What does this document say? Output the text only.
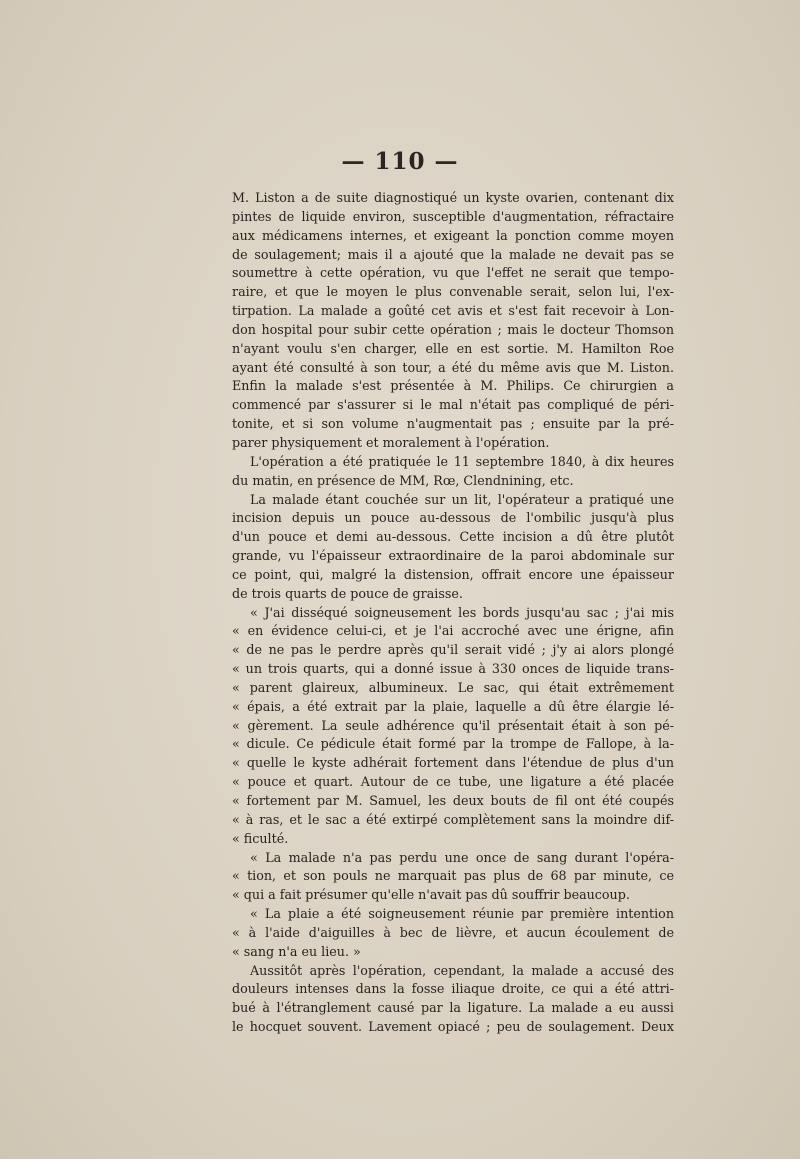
— 110 —
M. Liston a de suite diagnostiqué un kyste ovarien, contenant dix
pintes de liquide environ, susceptible d'augmentation, réfractaire
aux médicamens internes, et exigeant la ponction comme moyen
de soulagement; mais il a ajouté que la malade ne devait pas se
soumettre à cette opération, vu que l'effet ne serait que tempo-
raire, et que le moyen le plus convenable serait, selon lui, l'ex-
tirpation. La malade a goûté cet avis et s'est fait recevoir à Lon-
don hospital pour subir cette opération ; mais le docteur Thomson
n'ayant voulu s'en charger, elle en est sortie. M. Hamilton Roe
ayant été consulté à son tour, a été du même avis que M. Liston.
Enfin la malade s'est présentée à M. Philips. Ce chirurgien a
commencé par s'assurer si le mal n'était pas compliqué de péri-
tonite, et si son volume n'augmentait pas ; ensuite par la pré-
parer physiquement et moralement à l'opération.
L'opération a été pratiquée le 11 septembre 1840, à dix heures
du matin, en présence de MM, Rœ, Clendnining, etc.
La malade étant couchée sur un lit, l'opérateur a pratiqué une
incision depuis un pouce au-dessous de l'ombilic jusqu'à plus
d'un pouce et demi au-dessous. Cette incision a dû être plutôt
grande, vu l'épaisseur extraordinaire de la paroi abdominale sur
ce point, qui, malgré la distension, offrait encore une épaisseur
de trois quarts de pouce de graisse.
« J'ai disséqué soigneusement les bords jusqu'au sac ; j'ai mis
« en évidence celui-ci, et je l'ai accroché avec une érigne, afin
« de ne pas le perdre après qu'il serait vidé ; j'y ai alors plongé
« un trois quarts, qui a donné issue à 330 onces de liquide trans-
« parent glaireux, albumineux. Le sac, qui était extrêmement
« épais, a été extrait par la plaie, laquelle a dû être élargie lé-
« gèrement. La seule adhérence qu'il présentait était à son pé-
« dicule. Ce pédicule était formé par la trompe de Fallope, à la-
« quelle le kyste adhérait fortement dans l'étendue de plus d'un
« pouce et quart. Autour de ce tube, une ligature a été placée
« fortement par M. Samuel, les deux bouts de fil ont été coupés
« à ras, et le sac a été extirpé complètement sans la moindre dif-
« ficulté.
« La malade n'a pas perdu une once de sang durant l'opéra-
« tion, et son pouls ne marquait pas plus de 68 par minute, ce
« qui a fait présumer qu'elle n'avait pas dû souffrir beaucoup.
« La plaie a été soigneusement réunie par première intention
« à l'aide d'aiguilles à bec de lièvre, et aucun écoulement de
« sang n'a eu lieu. »
Aussitôt après l'opération, cependant, la malade a accusé des
douleurs intenses dans la fosse iliaque droite, ce qui a été attri-
bué à l'étranglement causé par la ligature. La malade a eu aussi
le hocquet souvent. Lavement opiacé ; peu de soulagement. Deux
